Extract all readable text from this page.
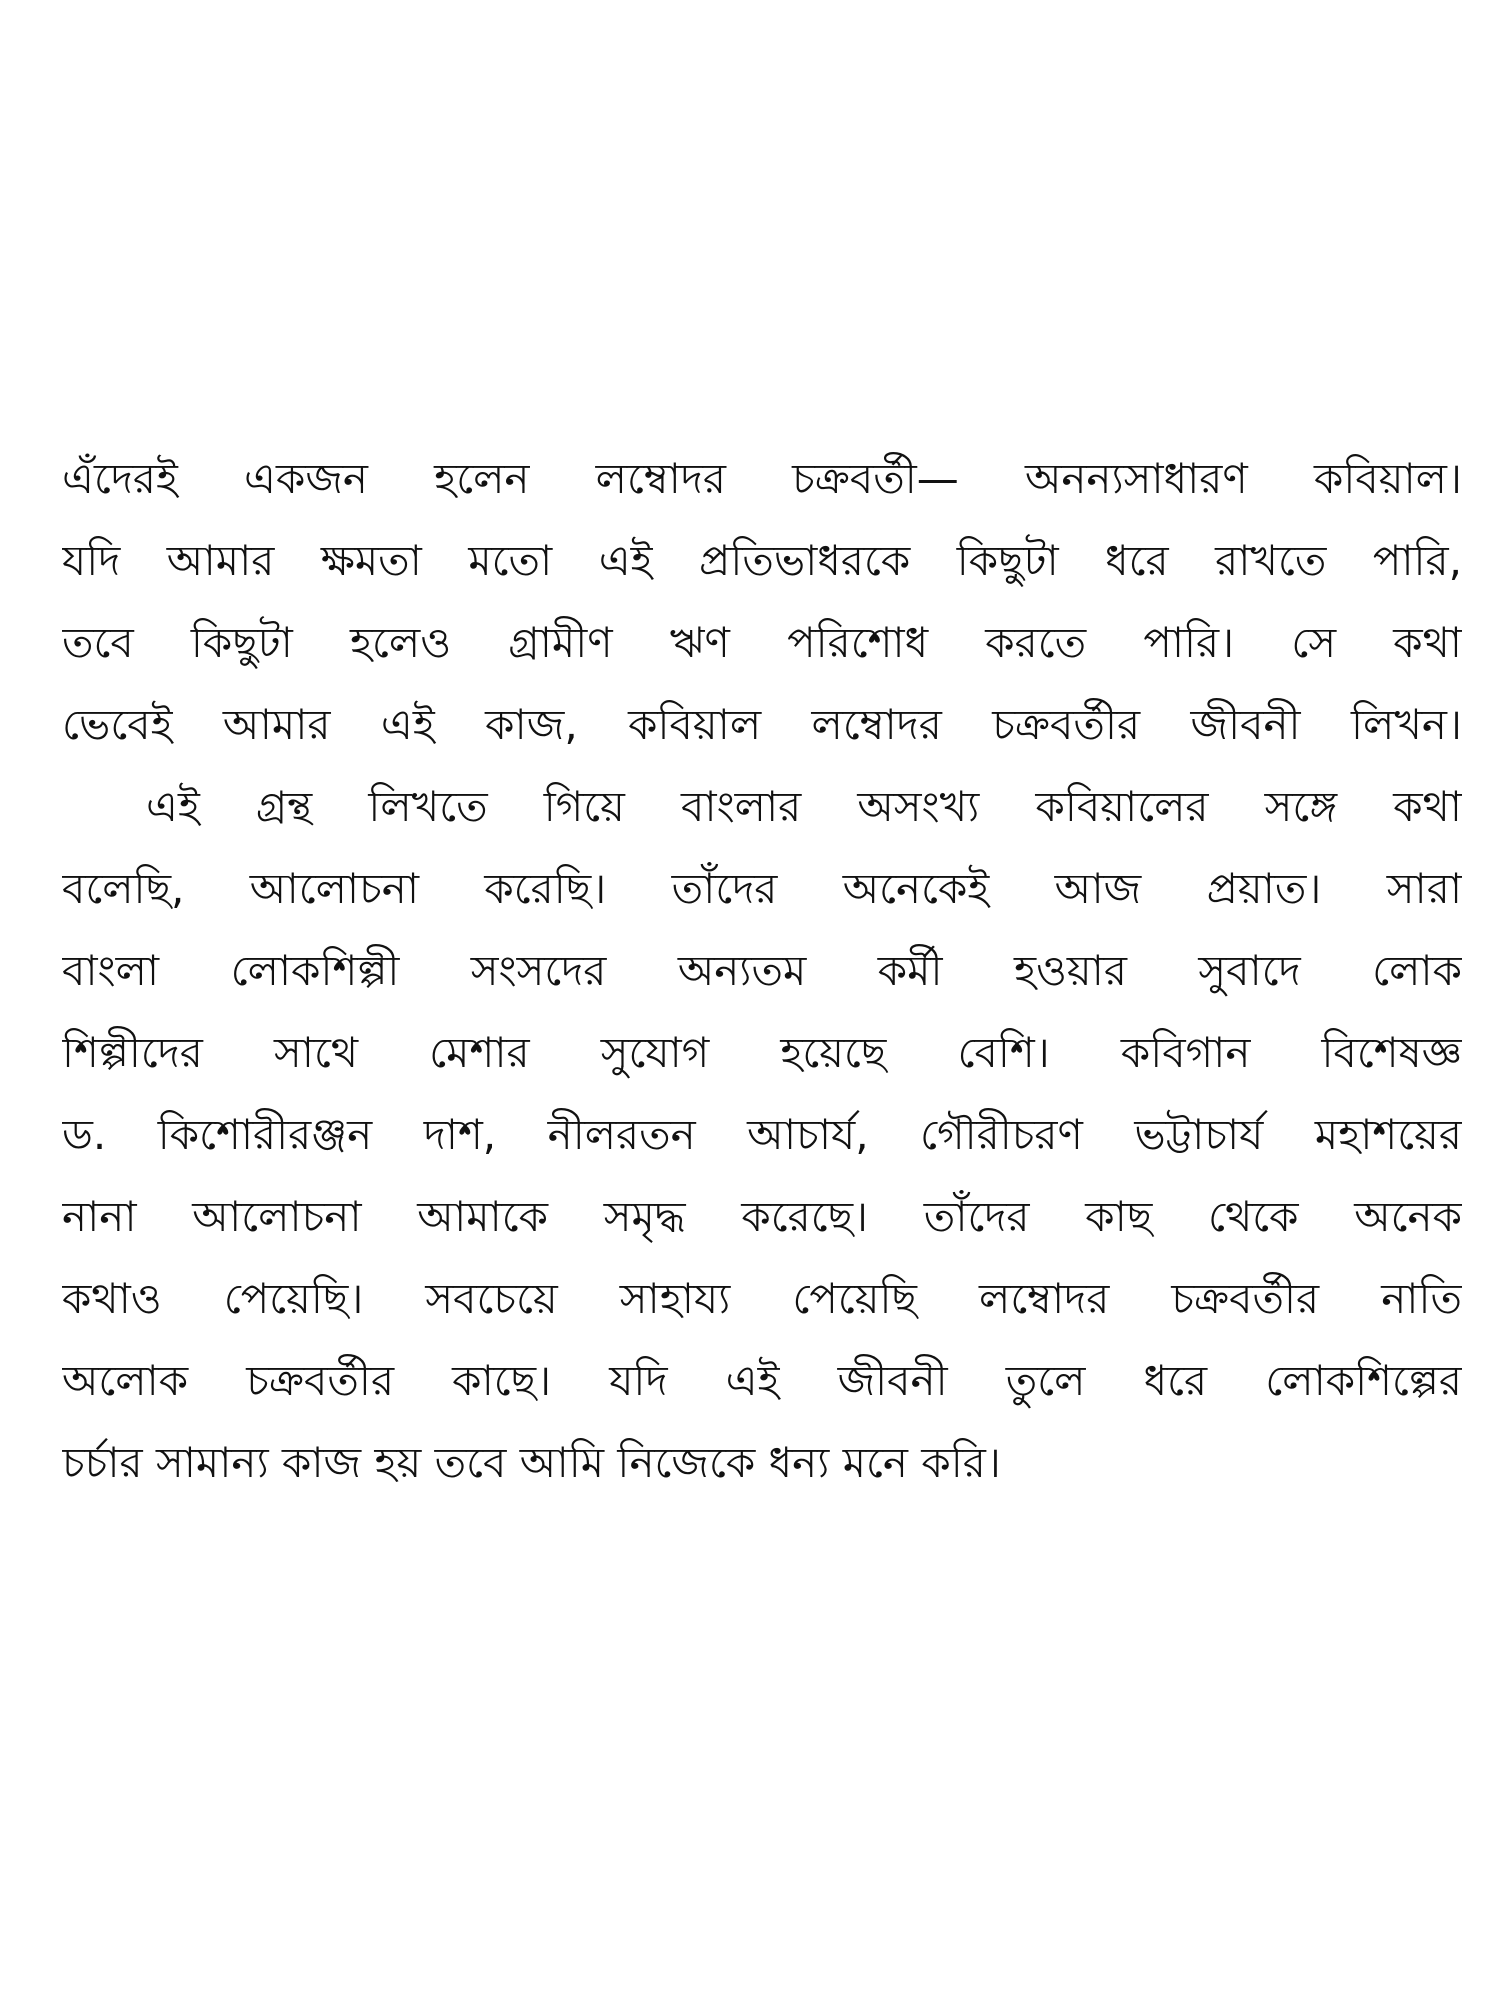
এঁদেরই একজন হলেন লম্বোদর চক্রবর্তী— অনন্যসাধারণ কবিয়াল।
যদি আমার ক্ষমতা মতো এই প্রতিভাধরকে কিছুটা ধরে রাখতে পারি,
তবে কিছুটা হলেও গ্রামীণ ঋণ পরিশোধ করতে পারি। সে কথা
ভেবেই আমার এই কাজ, কবিয়াল লম্বোদর চক্রবর্তীর জীবনী লিখন।
এই গ্রন্থ লিখতে গিয়ে বাংলার অসংখ্য কবিয়ালের সঙ্গে কথা
বলেছি, আলোচনা করেছি। তাঁদের অনেকেই আজ প্রয়াত। সারা
বাংলা লোকশিল্পী সংসদের অন্যতম কর্মী হওয়ার সুবাদে লোক
শিল্পীদের সাথে মেশার সুযোগ হয়েছে বেশি। কবিগান বিশেষজ্ঞ
ড. কিশোরীরঞ্জন দাশ, নীলরতন আচার্য, গৌরীচরণ ভট্টাচার্য মহাশয়ের
নানা আলোচনা আমাকে সমৃদ্ধ করেছে। তাঁদের কাছ থেকে অনেক
কথাও পেয়েছি। সবচেয়ে সাহায্য পেয়েছি লম্বোদর চক্রবর্তীর নাতি
অলোক চক্রবর্তীর কাছে। যদি এই জীবনী তুলে ধরে লোকশিল্পের
চর্চার সামান্য কাজ হয় তবে আমি নিজেকে ধন্য মনে করি।
